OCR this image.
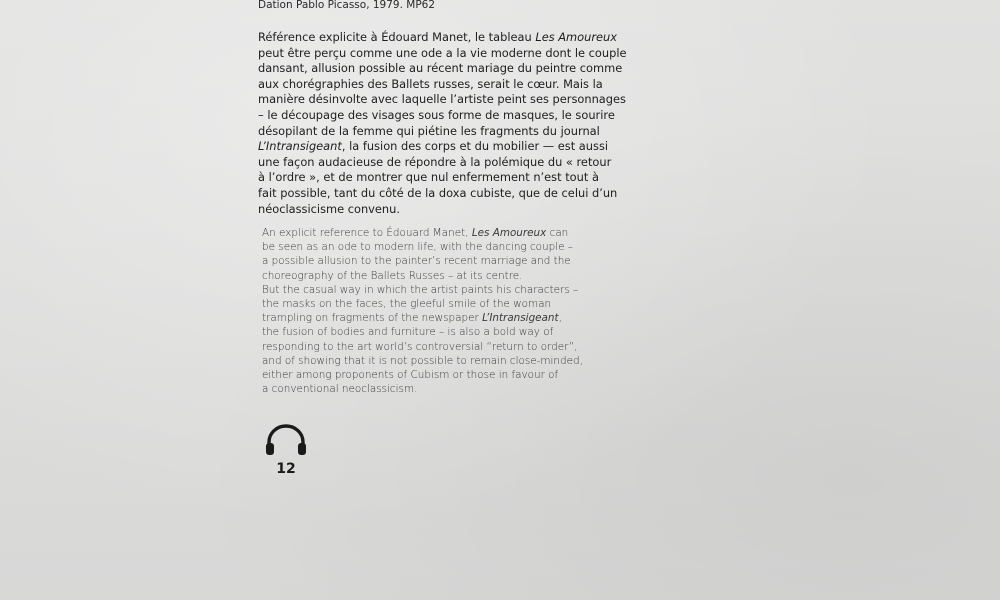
Dation Pablo Picasso, 1979. MP62

Référence explicite à Édouard Manet, le tableau Les Amoureux
peut être perçu comme une ode a la vie moderne dont le couple
dansant, allusion possible au récent mariage du peintre comme
aux chorégraphies des Ballets russes, serait le cœur. Mais la
manière désinvolte avec laquelle l’artiste peint ses personnages
– le découpage des visages sous forme de masques, le sourire
désopilant de la femme qui piétine les fragments du journal
L’Intransigeant, la fusion des corps et du mobilier — est aussi
une façon audacieuse de répondre à la polémique du « retour
à l’ordre », et de montrer que nul enfermement n’est tout à
fait possible, tant du côté de la doxa cubiste, que de celui d’un
néoclassicisme convenu.

An explicit reference to Édouard Manet, Les Amoureux can
be seen as an ode to modern life, with the dancing couple –
a possible allusion to the painter’s recent marriage and the
choreography of the Ballets Russes – at its centre.
But the casual way in which the artist paints his characters –
the masks on the faces, the gleeful smile of the woman
trampling on fragments of the newspaper L’Intransigeant,
the fusion of bodies and furniture – is also a bold way of
responding to the art world’s controversial “return to order”,
and of showing that it is not possible to remain close-minded,
either among proponents of Cubism or those in favour of
a conventional neoclassicism.

12
